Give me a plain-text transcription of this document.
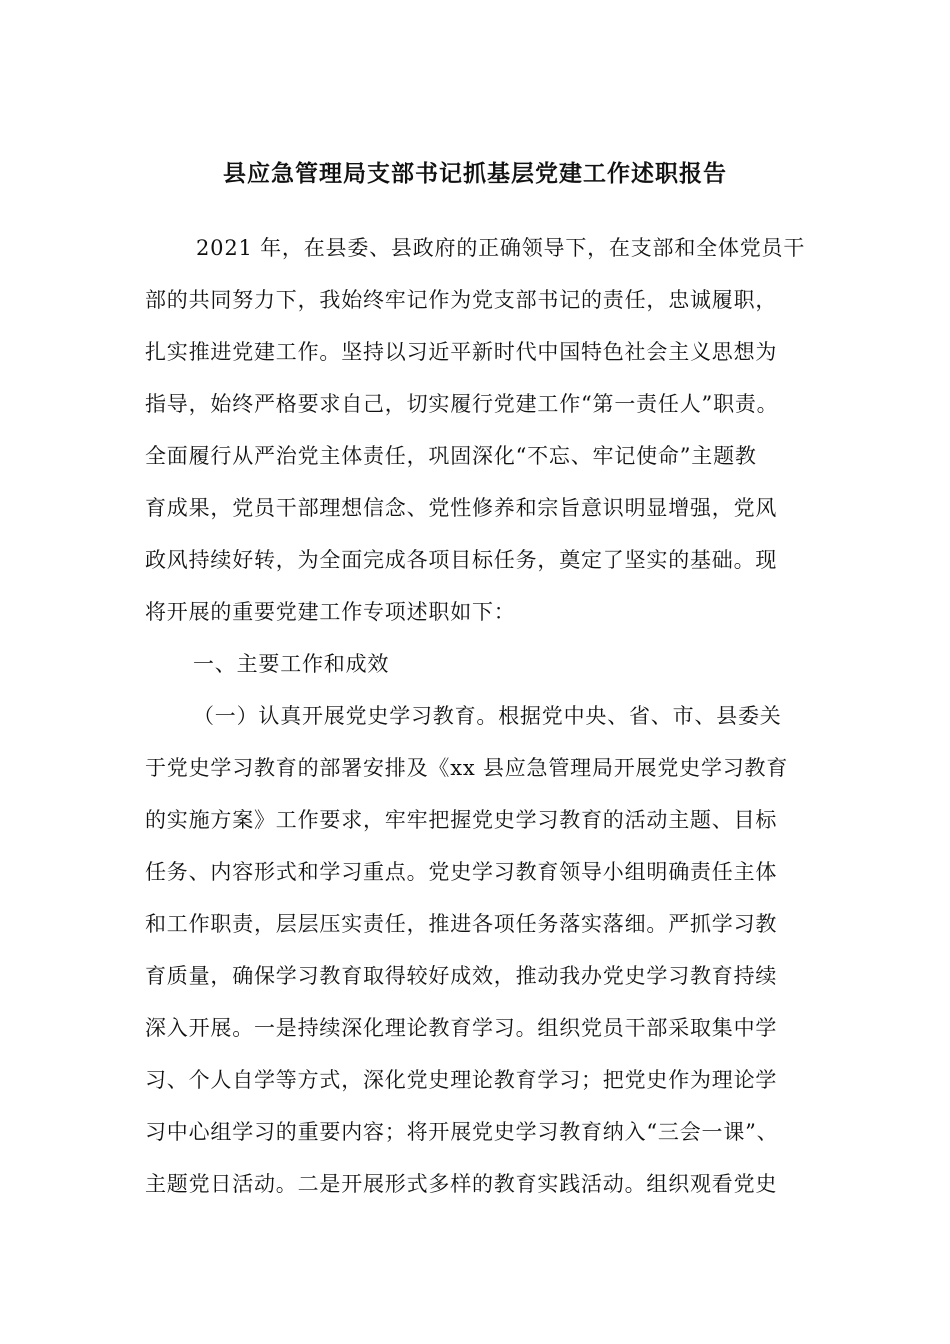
县应急管理局支部书记抓基层党建工作述职报告
2021 年，在县委、县政府的正确领导下，在支部和全体党员干
部的共同努力下，我始终牢记作为党支部书记的责任，忠诚履职，
扎实推进党建工作。坚持以习近平新时代中国特色社会主义思想为
指导，始终严格要求自己，切实履行党建工作“第一责任人”职责。
全面履行从严治党主体责任，巩固深化“不忘、牢记使命”主题教
育成果，党员干部理想信念、党性修养和宗旨意识明显增强，党风
政风持续好转，为全面完成各项目标任务，奠定了坚实的基础。现
将开展的重要党建工作专项述职如下：
一、主要工作和成效
（一）认真开展党史学习教育。根据党中央、省、市、县委关
于党史学习教育的部署安排及《xx 县应急管理局开展党史学习教育
的实施方案》工作要求，牢牢把握党史学习教育的活动主题、目标
任务、内容形式和学习重点。党史学习教育领导小组明确责任主体
和工作职责，层层压实责任，推进各项任务落实落细。严抓学习教
育质量，确保学习教育取得较好成效，推动我办党史学习教育持续
深入开展。一是持续深化理论教育学习。组织党员干部采取集中学
习、个人自学等方式，深化党史理论教育学习；把党史作为理论学
习中心组学习的重要内容；将开展党史学习教育纳入“三会一课”、
主题党日活动。二是开展形式多样的教育实践活动。组织观看党史
